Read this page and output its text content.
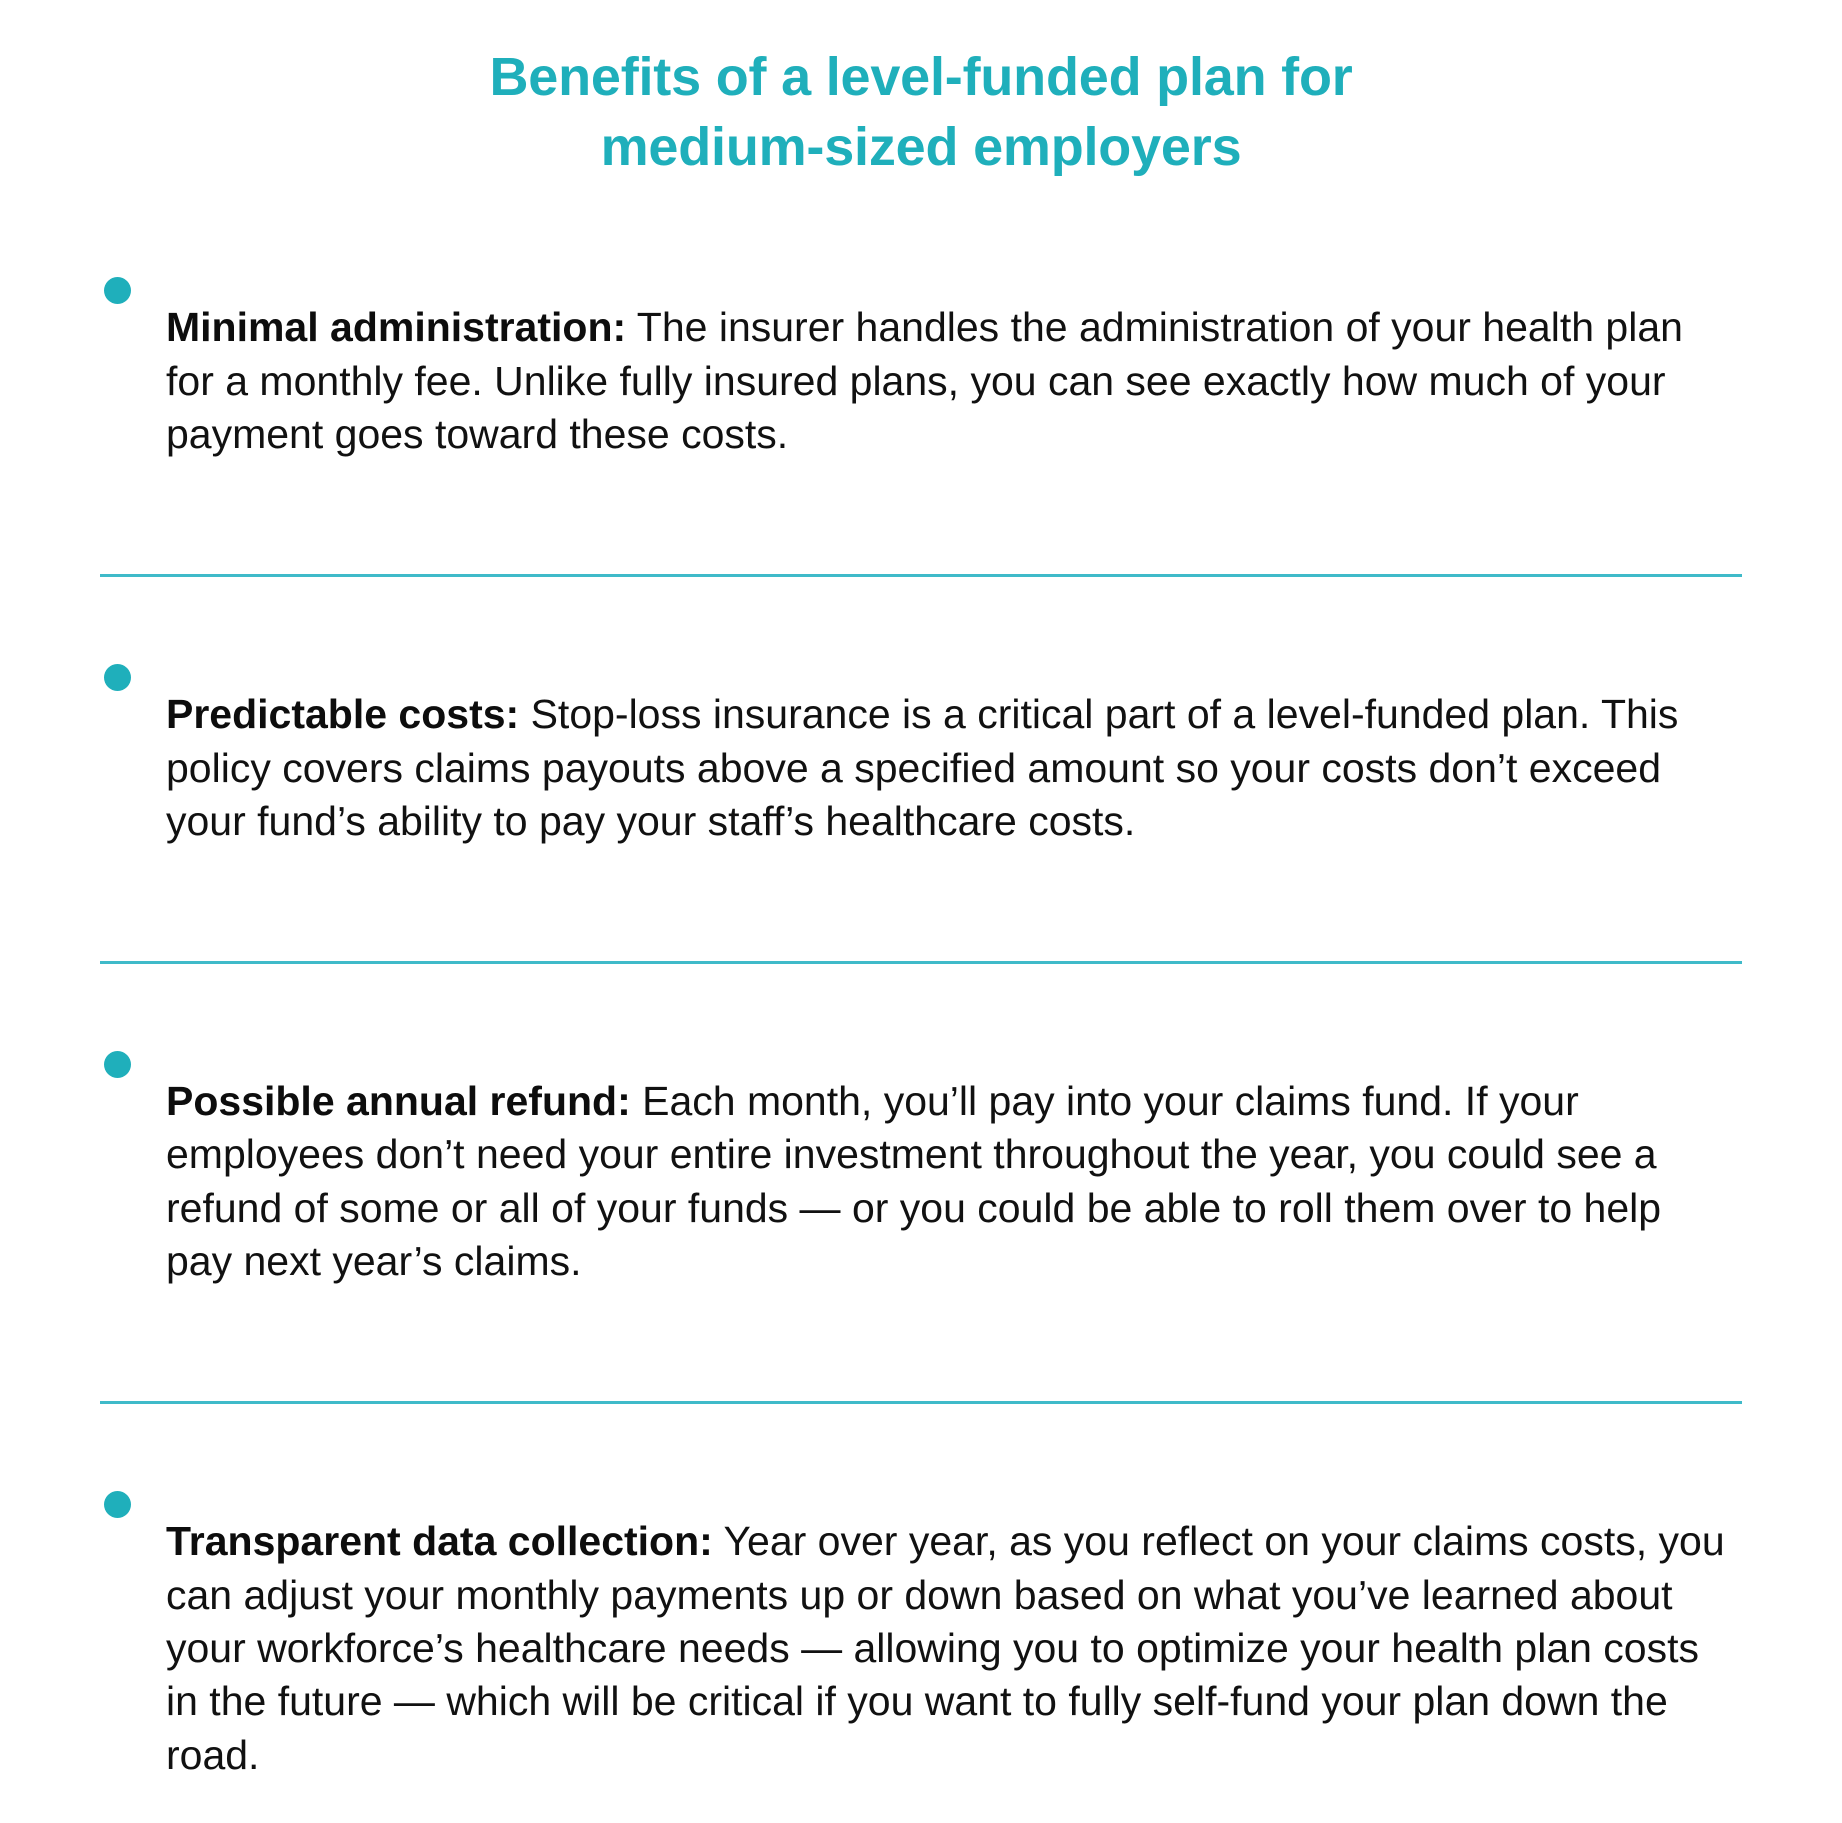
Benefits of a level-funded plan for
medium-sized employers

Minimal administration: The insurer handles the administration of your health plan for a monthly fee. Unlike fully insured plans, you can see exactly how much of your payment goes toward these costs.

Predictable costs: Stop-loss insurance is a critical part of a level-funded plan. This policy covers claims payouts above a specified amount so your costs don’t exceed your fund’s ability to pay your staff’s healthcare costs.

Possible annual refund: Each month, you’ll pay into your claims fund. If your employees don’t need your entire investment throughout the year, you could see a refund of some or all of your funds — or you could be able to roll them over to help pay next year’s claims.

Transparent data collection: Year over year, as you reflect on your claims costs, you can adjust your monthly payments up or down based on what you’ve learned about your workforce’s healthcare needs — allowing you to optimize your health plan costs in the future — which will be critical if you want to fully self-fund your plan down the road.
